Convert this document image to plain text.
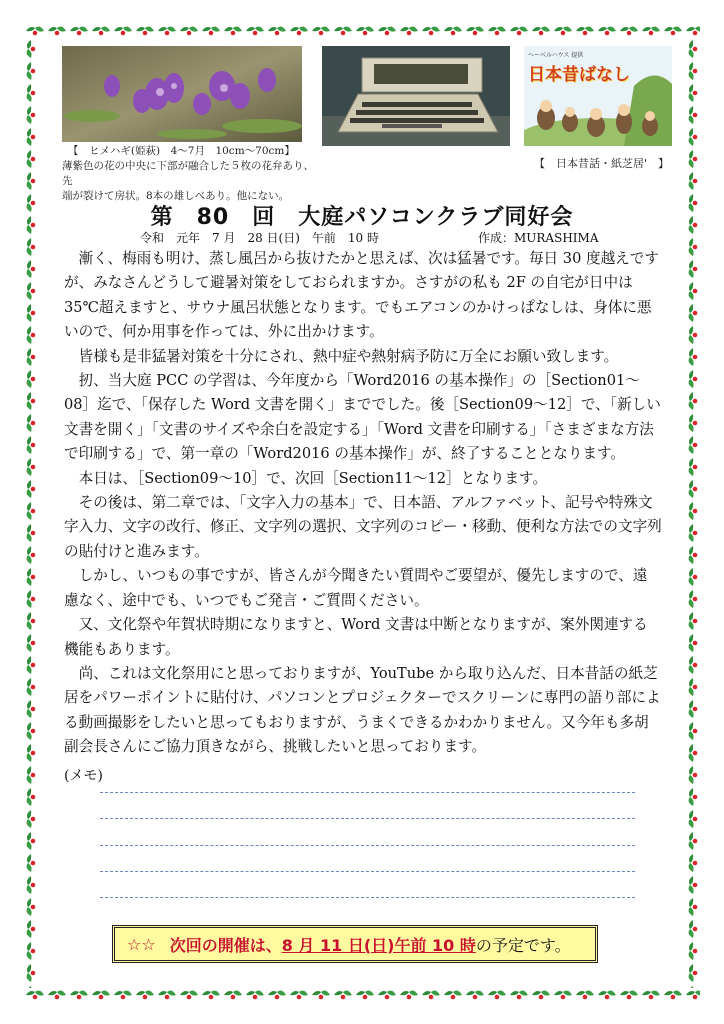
【　ヒメハギ(姫萩)　4〜7月　10cm〜70cm】
薄紫色の花の中央に下部が融合した５枚の花弁あり、先
端が裂けて房状。8本の雄しべあり。他にない。
ヘーベルハウス 提供
日本昔ばなし
【　日本昔話・紙芝居'　】
第　80　回　大庭パソコンクラブ同好会
令和　元年　7 月　28 日(日)　午前　10 時	作成：MURASHIMA

漸く、梅雨も明け、蒸し風呂から抜けたかと思えば、次は猛暑です。毎日 30 度越えですが、みなさんどうして避暑対策をしておられますか。さすがの私も 2F の自宅が日中は 35℃超えますと、サウナ風呂状態となります。でもエアコンのかけっぱなしは、身体に悪いので、何か用事を作っては、外に出かけます。

皆様も是非猛暑対策を十分にされ、熱中症や熱射病予防に万全にお願い致します。

扨、当大庭 PCC の学習は、今年度から「Word2016 の基本操作」の［Section01〜08］迄で、「保存した Word 文書を開く」まででした。後［Section09〜12］で、「新しい文書を開く」「文書のサイズや余白を設定する」「Word 文書を印刷する」「さまざまな方法で印刷する」で、第一章の「Word2016 の基本操作」が、終了することとなります。

本日は、［Section09〜10］で、次回［Section11〜12］となります。

その後は、第二章では、「文字入力の基本」で、日本語、アルファベット、記号や特殊文字入力、文字の改行、修正、文字列の選択、文字列のコピー・移動、便利な方法での文字列の貼付けと進みます。

しかし、いつもの事ですが、皆さんが今聞きたい質問やご要望が、優先しますので、遠慮なく、途中でも、いつでもご発言・ご質問ください。

又、文化祭や年賀状時期になりますと、Word 文書は中断となりますが、案外関連する機能もあります。

尚、これは文化祭用にと思っておりますが、YouTube から取り込んだ、日本昔話の紙芝居をパワーポイントに貼付け、パソコンとプロジェクターでスクリーンに専門の語り部による動画撮影をしたいと思ってもおりますが、うまくできるかわかりません。又今年も多胡副会長さんにご協力頂きながら、挑戦したいと思っております。

(メモ)
☆☆ 次回の開催は、 8 月 11 日(日)午前 10 時 の予定です。
